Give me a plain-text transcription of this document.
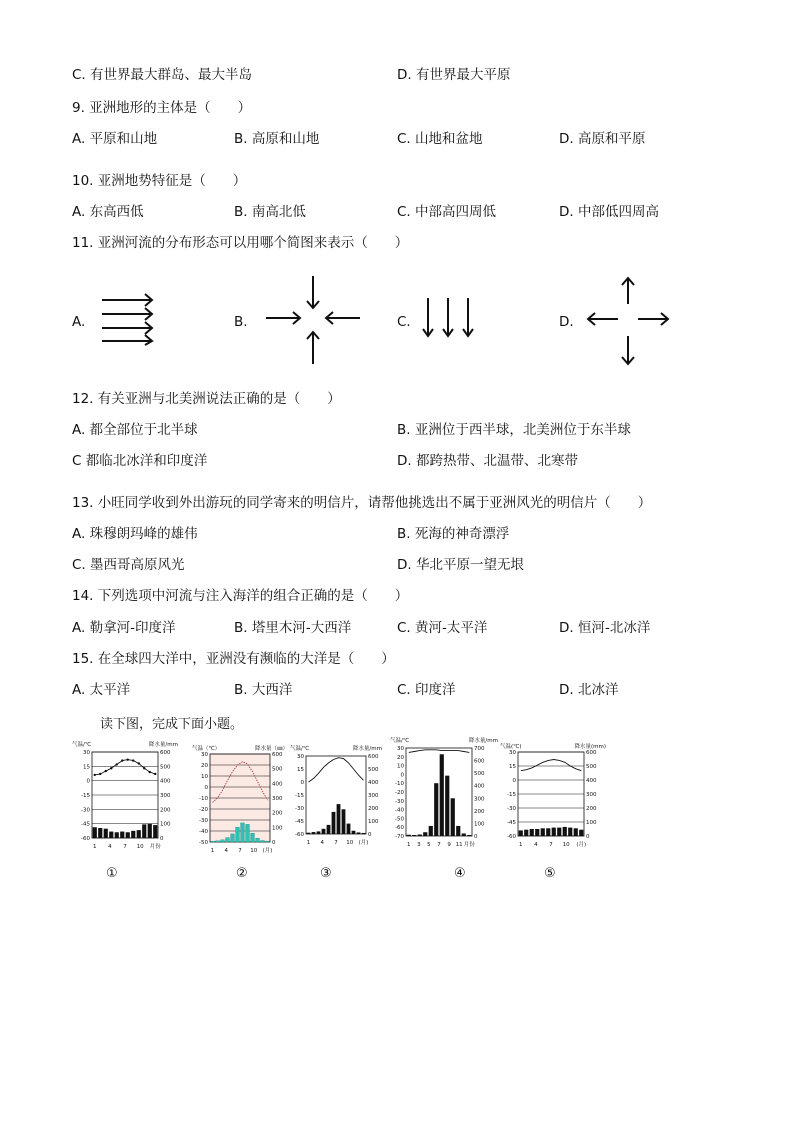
C. 有世界最大群岛、最大半岛	D. 有世界最大平原
9. 亚洲地形的主体是（　　）
A. 平原和山地	B. 高原和山地	C. 山地和盆地	D. 高原和平原
10. 亚洲地势特征是（　　）
A. 东高西低	B. 南高北低	C. 中部高四周低	D. 中部低四周高
11. 亚洲河流的分布形态可以用哪个简图来表示（　　）
A.	B.	C.	D.
12. 有关亚洲与北美洲说法正确的是（　　）
A. 都全部位于北半球	B. 亚洲位于西半球，北美洲位于东半球
C 都临北冰洋和印度洋	D. 都跨热带、北温带、北寒带
13. 小旺同学收到外出游玩的同学寄来的明信片，请帮他挑选出不属于亚洲风光的明信片（　　）
A. 珠穆朗玛峰的雄伟	B. 死海的神奇漂浮
C. 墨西哥高原风光	D. 华北平原一望无垠
14. 下列选项中河流与注入海洋的组合正确的是（　　）
A. 勒拿河-印度洋	B. 塔里木河-大西洋	C. 黄河-太平洋	D. 恒河-北冰洋
15. 在全球四大洋中，亚洲没有濒临的大洋是（　　）
A. 太平洋	B. 大西洋	C. 印度洋	D. 北冰洋
读下图，完成下面小题。
气温/℃	降水量/mm
30
15
0
-15
-30
-45
-60
600
500
400
300
200
100
0
1 4 7 10 月份
气温（℃）	降水量（㎜）
30
20
10
0
-10
-20
-30
-40
-50
600
500
400
300
200
100
0
1 4 7 10 (月)
气温/℃	降水量/mm
30
15
0
-15
-30
-45
-60
600
500
400
300
200
100
0
1 4 7 10 (月)
气温/℃	降水量/mm
30
20
10
0
-10
-20
-30
-40
-50
-60
-70
700
600
500
400
300
200
100
0
1 3 5 7 9 11 月份
气温(℃)	降水量(mm)
30
15
0
-15
-30
-45
-60
600
500
400
300
200
100
0
1 4 7 10 (月)
①	②	③	④	⑤
